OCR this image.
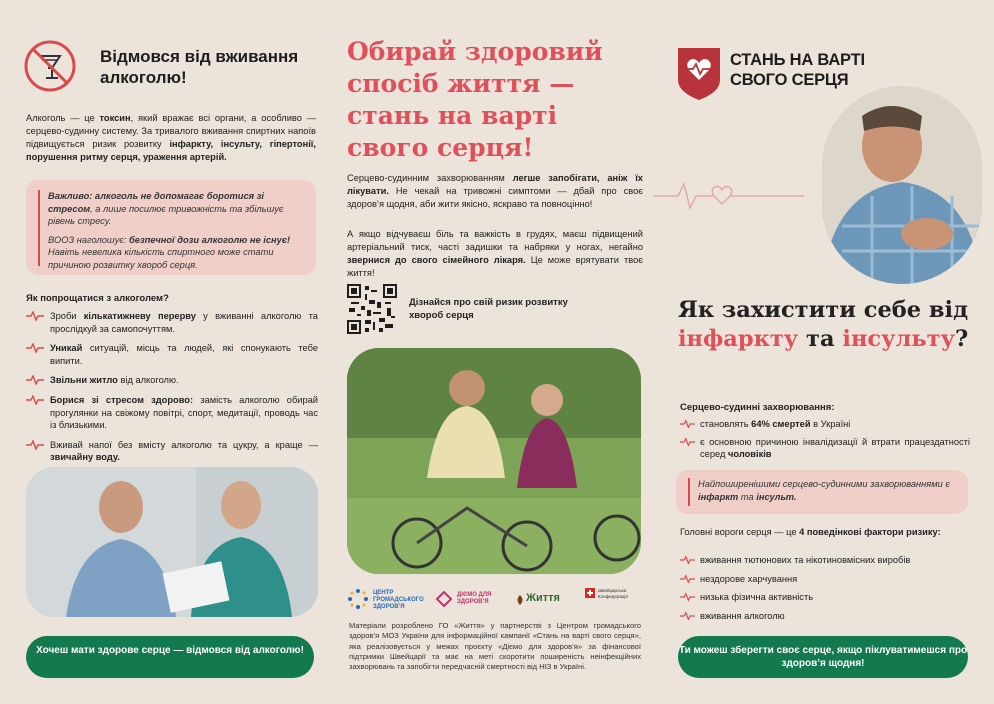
Відмовся від вживання алкоголю!

Алкоголь — це токсин, який вражає всі органи, а особливо — серцево-судинну систему. За тривалого вживання спиртних напоїв підвищується ризик розвитку інфаркту, інсульту, гіпертонії, порушення ритму серця, ураження артерій.

Важливо: алкоголь не допомагає боротися зі стресом, а лише посилює тривожність та збільшує рівень стресу.

ВООЗ наголошує: безпечної дози алкоголю не існує! Навіть невелика кількість спиртного може стати причиною розвитку хвороб серця.

Як попрощатися з алкоголем?
Зроби кількатижневу перерву у вживанні алкоголю та прослідкуй за самопочуттям.
Уникай ситуацій, місць та людей, які спонукають тебе випити.
Звільни житло від алкоголю.
Борися зі стресом здорово: замість алкоголю обирай прогулянки на свіжому повітрі, спорт, медитації, проводь час із близькими.
Вживай напої без вмісту алкоголю та цукру, а краще — звичайну воду.
Хочеш мати здорове серце — відмовся від алкоголю!
Обирай здоровий спосіб життя — стань на варті свого серця!

Серцево-судинним захворюванням легше запобігати, аніж їх лікувати. Не чекай на тривожні симптоми — дбай про своє здоров’я щодня, аби жити якісно, яскраво та повноцінно!

А якщо відчуваєш біль та важкість в грудях, маєш підвищений артеріальний тиск, часті задишки та набряки у ногах, негайно звернися до свого сімейного лікаря. Це може врятувати твоє життя!

Дізнайся про свій ризик розвитку хвороб серця
ЦЕНТР ГРОМАДСЬКОГО ЗДОРОВ’Я
ДІЄМО ДЛЯ ЗДОРОВ’Я	Життя
Швейцарська Конфедерація

Матеріали розроблено ГО «Життя» у партнерстві з Центром громадського здоров’я МОЗ України для інформаційної кампанії «Стань на варті свого серця», яка реалізовується у межах проєкту «Діємо для здоров’я» за фінансової підтримки Швейцарії та має на меті скоротити поширеність неінфекційних захворювань та запобігти передчасній смертності від НІЗ в Україні.

СТАНЬ НА ВАРТІ СВОГО СЕРЦЯ
Як захистити себе від інфаркту та інсульту?
Серцево-судинні захворювання:
становлять 64% смертей в Україні
є основною причиною інвалідизації й втрати працездатності серед чоловіків
Найпоширенішими серцево-судинними захворюваннями є інфаркт та інсульт.

Головні вороги серця — це 4 поведінкові фактори ризику:

вживання тютюнових та нікотиновмісних виробів
нездорове харчування
низька фізична активність
вживання алкоголю
Ти можеш зберегти своє серце, якщо піклуватимешся про здоров’я щодня!
